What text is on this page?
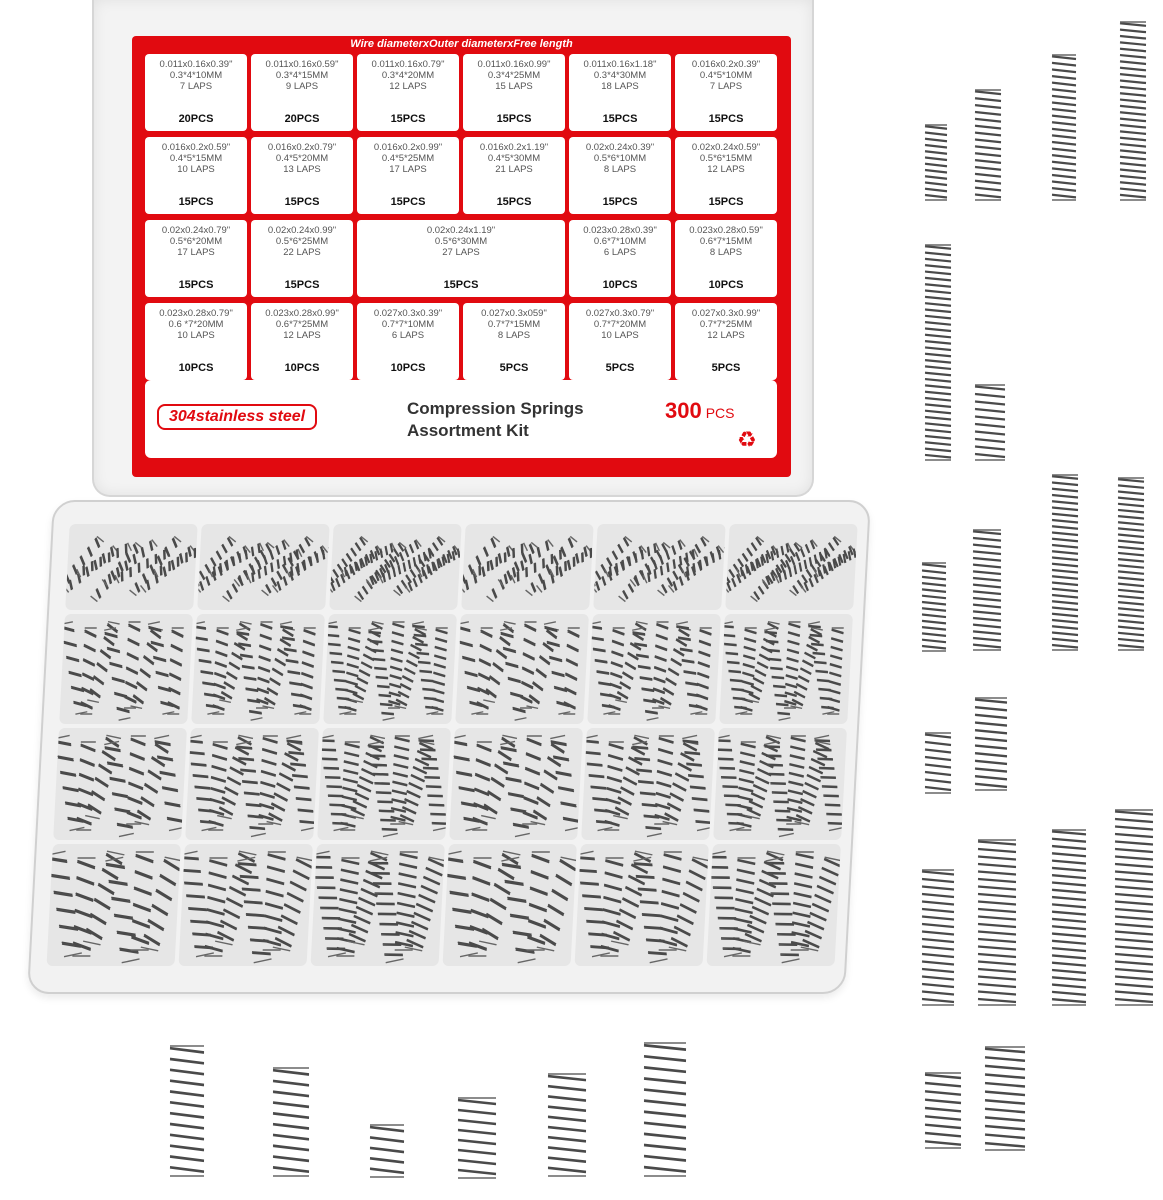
Wire diameterxOuter diameterxFree length
0.011x0.16x0.39"
0.3*4*10MM
7 LAPS
20PCS
0.011x0.16x0.59"
0.3*4*15MM
9 LAPS
20PCS
0.011x0.16x0.79"
0.3*4*20MM
12 LAPS
15PCS
0.011x0.16x0.99"
0.3*4*25MM
15 LAPS
15PCS
0.011x0.16x1.18"
0.3*4*30MM
18 LAPS
15PCS
0.016x0.2x0.39"
0.4*5*10MM
7 LAPS
15PCS
0.016x0.2x0.59"
0.4*5*15MM
10 LAPS
15PCS
0.016x0.2x0.79"
0.4*5*20MM
13 LAPS
15PCS
0.016x0.2x0.99"
0.4*5*25MM
17 LAPS
15PCS
0.016x0.2x1.19"
0.4*5*30MM
21 LAPS
15PCS
0.02x0.24x0.39"
0.5*6*10MM
8 LAPS
15PCS
0.02x0.24x0.59"
0.5*6*15MM
12 LAPS
15PCS
0.02x0.24x0.79"
0.5*6*20MM
17 LAPS
15PCS
0.02x0.24x0.99"
0.5*6*25MM
22 LAPS
15PCS
0.02x0.24x1.19"
0.5*6*30MM
27 LAPS
15PCS
0.023x0.28x0.39"
0.6*7*10MM
6 LAPS
10PCS
0.023x0.28x0.59"
0.6*7*15MM
8 LAPS
10PCS
0.023x0.28x0.79"
0.6 *7*20MM
10 LAPS
10PCS
0.023x0.28x0.99"
0.6*7*25MM
12 LAPS
10PCS
0.027x0.3x0.39"
0.7*7*10MM
6 LAPS
10PCS
0.027x0.3x059"
0.7*7*15MM
8 LAPS
5PCS
0.027x0.3x0.79"
0.7*7*20MM
10 LAPS
5PCS
0.027x0.3x0.99"
0.7*7*25MM
12 LAPS
5PCS
304stainless steel	Compression Springs
Assortment Kit
300 PCS
♻
